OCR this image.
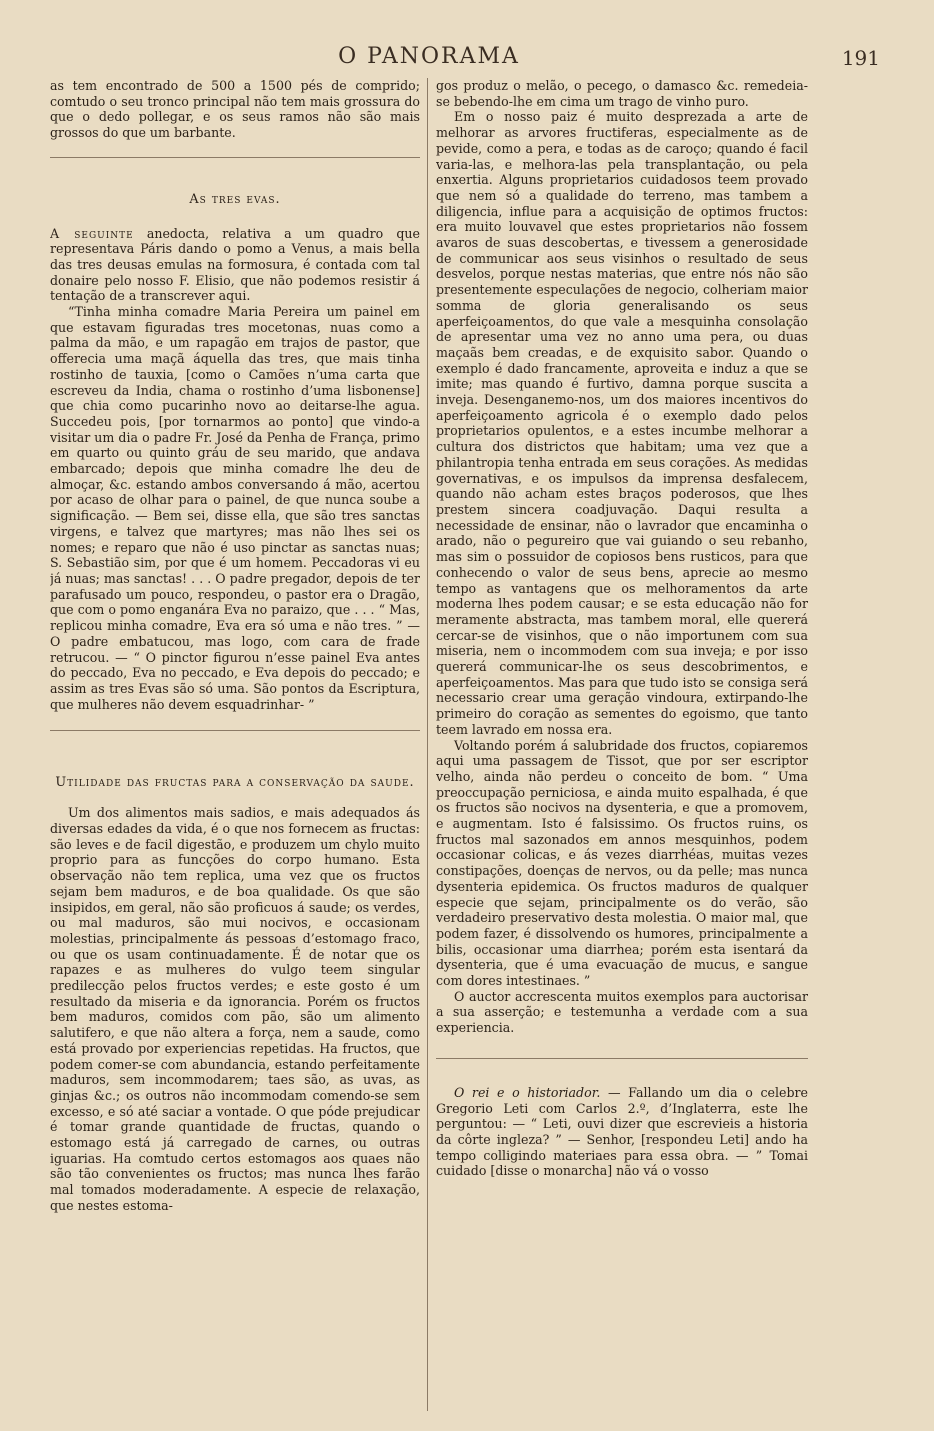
O PANORAMA	191

as tem encontrado de 500 a 1500 pés de comprido; comtudo o seu tronco principal não tem mais grossura do que o dedo pollegar, e os seus ramos não são mais grossos do que um barbante.

As tres evas.

A seguinte anedocta, relativa a um quadro que representava Páris dando o pomo a Venus, a mais bella das tres deusas emulas na formosura, é contada com tal donaire pelo nosso F. Elisio, que não podemos resistir á tentação de a transcrever aqui.

“Tinha minha comadre Maria Pereira um painel em que estavam figuradas tres mocetonas, nuas como a palma da mão, e um rapagão em trajos de pastor, que offerecia uma maçã áquella das tres, que mais tinha rostinho de tauxia, [como o Camões n’uma carta que escreveu da India, chama o rostinho d’uma lisbonense] que chia como pucarinho novo ao deitarse-lhe agua. Succedeu pois, [por tornarmos ao ponto] que vindo-a visitar um dia o padre Fr. José da Penha de França, primo em quarto ou quinto gráu de seu marido, que andava embarcado; depois que minha comadre lhe deu de almoçar, &c. estando ambos conversando á mão, acertou por acaso de olhar para o painel, de que nunca soube a significação. — Bem sei, disse ella, que são tres sanctas virgens, e talvez que martyres; mas não lhes sei os nomes; e reparo que não é uso pinctar as sanctas nuas; S. Sebastião sim, por que é um homem. Peccadoras vi eu já nuas; mas sanctas! . . . O padre pregador, depois de ter parafusado um pouco, respondeu, o pastor era o Dragão, que com o pomo enganára Eva no paraizo, que . . . “ Mas, replicou minha comadre, Eva era só uma e não tres. ” — O padre embatucou, mas logo, com cara de frade retrucou. — “ O pinctor figurou n’esse painel Eva antes do peccado, Eva no peccado, e Eva depois do peccado; e assim as tres Evas são só uma. São pontos da Escriptura, que mulheres não devem esquadrinhar- ”

Utilidade das fructas para a conservação da saude.

Um dos alimentos mais sadios, e mais adequados ás diversas edades da vida, é o que nos fornecem as fructas: são leves e de facil digestão, e produzem um chylo muito proprio para as funcções do corpo humano. Esta observação não tem replica, uma vez que os fructos sejam bem maduros, e de boa qualidade. Os que são insipidos, em geral, não são proficuos á saude; os verdes, ou mal maduros, são mui nocivos, e occasionam molestias, principalmente ás pessoas d’estomago fraco, ou que os usam continuadamente. É de notar que os rapazes e as mulheres do vulgo teem singular predilecção pelos fructos verdes; e este gosto é um resultado da miseria e da ignorancia. Porém os fructos bem maduros, comidos com pão, são um alimento salutifero, e que não altera a força, nem a saude, como está provado por experiencias repetidas. Ha fructos, que podem comer-se com abundancia, estando perfeitamente maduros, sem incommodarem; taes são, as uvas, as ginjas &c.; os outros não incommodam comendo-se sem excesso, e só até saciar a vontade. O que póde prejudicar é tomar grande quantidade de fructas, quando o estomago está já carregado de carnes, ou outras iguarias. Ha comtudo certos estomagos aos quaes não são tão convenientes os fructos; mas nunca lhes farão mal tomados moderadamente. A especie de relaxação, que nestes estoma-

gos produz o melão, o pecego, o damasco &c. remedeia-se bebendo-lhe em cima um trago de vinho puro.

Em o nosso paiz é muito desprezada a arte de melhorar as arvores fructiferas, especialmente as de pevide, como a pera, e todas as de caroço; quando é facil varia-las, e melhora-las pela transplantação, ou pela enxertia. Alguns proprietarios cuidadosos teem provado que nem só a qualidade do terreno, mas tambem a diligencia, influe para a acquisição de optimos fructos: era muito louvavel que estes proprietarios não fossem avaros de suas descobertas, e tivessem a generosidade de communicar aos seus visinhos o resultado de seus desvelos, porque nestas materias, que entre nós não são presentemente especulações de negocio, colheriam maior somma de gloria generalisando os seus aperfeiçoamentos, do que vale a mesquinha consolação de apresentar uma vez no anno uma pera, ou duas maçaãs bem creadas, e de exquisito sabor. Quando o exemplo é dado francamente, aproveita e induz a que se imite; mas quando é furtivo, damna porque suscita a inveja. Desenganemo-nos, um dos maiores incentivos do aperfeiçoamento agricola é o exemplo dado pelos proprietarios opulentos, e a estes incumbe melhorar a cultura dos districtos que habitam; uma vez que a philantropia tenha entrada em seus corações. As medidas governativas, e os impulsos da imprensa desfalecem, quando não acham estes braços poderosos, que lhes prestem sincera coadjuvação. Daqui resulta a necessidade de ensinar, não o lavrador que encaminha o arado, não o pegureiro que vai guiando o seu rebanho, mas sim o possuidor de copiosos bens rusticos, para que conhecendo o valor de seus bens, aprecie ao mesmo tempo as vantagens que os melhoramentos da arte moderna lhes podem causar; e se esta educação não for meramente abstracta, mas tambem moral, elle quererá cercar-se de visinhos, que o não importunem com sua miseria, nem o incommodem com sua inveja; e por isso quererá communicar-lhe os seus descobrimentos, e aperfeiçoamentos. Mas para que tudo isto se consiga será necessario crear uma geração vindoura, extirpando-lhe primeiro do coração as sementes do egoismo, que tanto teem lavrado em nossa era.

Voltando porém á salubridade dos fructos, copiaremos aqui uma passagem de Tissot, que por ser escriptor velho, ainda não perdeu o conceito de bom. “ Uma preoccupação perniciosa, e ainda muito espalhada, é que os fructos são nocivos na dysenteria, e que a promovem, e augmentam. Isto é falsissimo. Os fructos ruins, os fructos mal sazonados em annos mesquinhos, podem occasionar colicas, e ás vezes diarrhéas, muitas vezes constipações, doenças de nervos, ou da pelle; mas nunca dysenteria epidemica. Os fructos maduros de qualquer especie que sejam, principalmente os do verão, são verdadeiro preservativo desta molestia. O maior mal, que podem fazer, é dissolvendo os humores, principalmente a bilis, occasionar uma diarrhea; porém esta isentará da dysenteria, que é uma evacuação de mucus, e sangue com dores intestinaes. ”

O auctor accrescenta muitos exemplos para auctorisar a sua asserção; e testemunha a verdade com a sua experiencia.

O rei e o historiador. — Fallando um dia o celebre Gregorio Leti com Carlos 2.º, d’Inglaterra, este lhe perguntou: — “ Leti, ouvi dizer que escrevieis a historia da côrte ingleza? ” — Senhor, [respondeu Leti] ando ha tempo colligindo materiaes para essa obra. — ” Tomai cuidado [disse o monarcha] não vá o vosso
